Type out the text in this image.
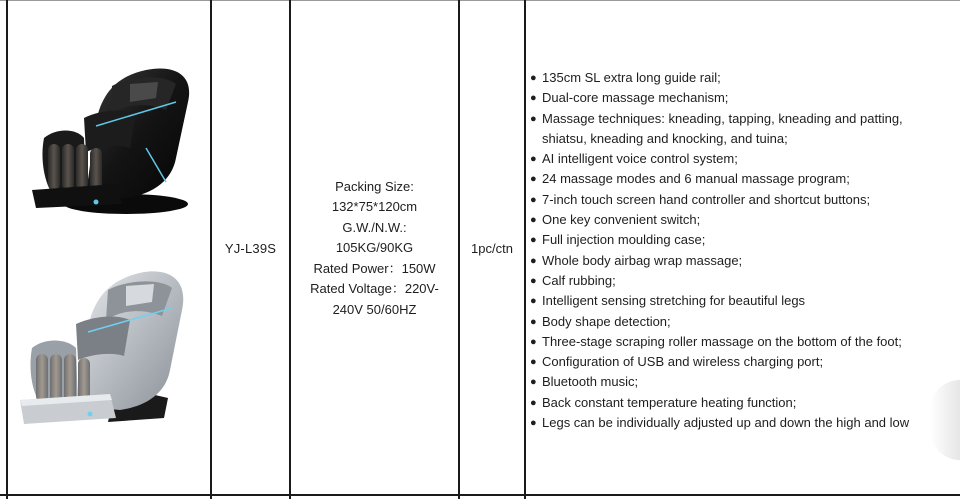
YJ-L39S
Packing Size:
132*75*120cm
G.W./N.W.:
105KG/90KG
Rated Power：150W
Rated Voltage：220V-
240V 50/60HZ
1pc/ctn
● 135cm SL extra long guide rail;
● Dual-core massage mechanism;
● Massage techniques: kneading, tapping, kneading and patting, shiatsu, kneading and knocking, and tuina;
● AI intelligent voice control system;
● 24 massage modes and 6 manual massage program;
● 7-inch touch screen hand controller and shortcut buttons;
● One key convenient switch;
● Full injection moulding case;
● Whole body airbag wrap massage;
● Calf rubbing;
● Intelligent sensing stretching for beautiful legs
● Body shape detection;
● Three-stage scraping roller massage on the bottom of the foot;
● Configuration of USB and wireless charging port;
● Bluetooth music;
● Back constant temperature heating function;
● Legs can be individually adjusted up and down the high and low
